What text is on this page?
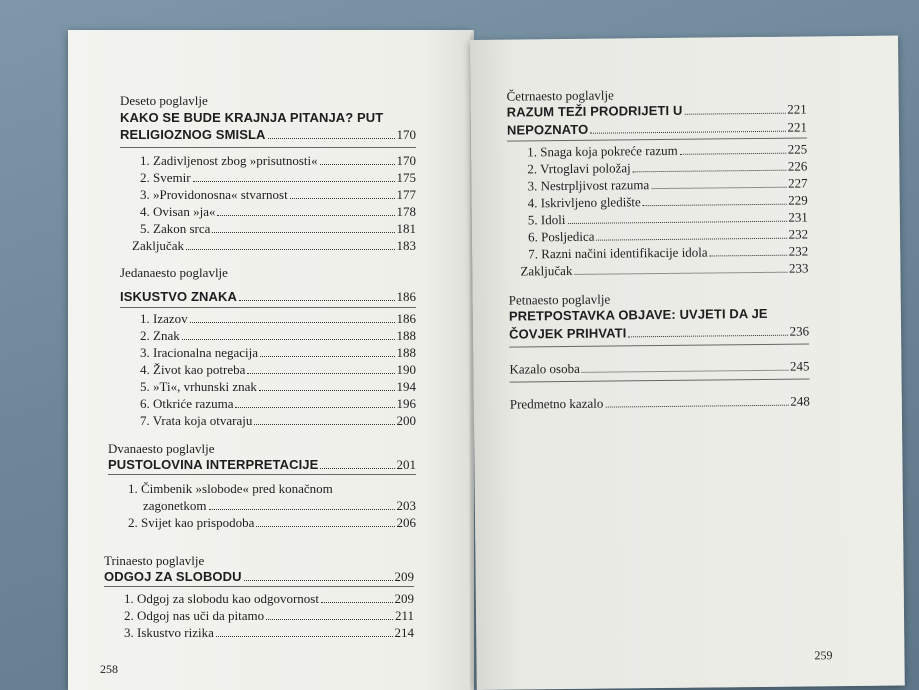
Deseto poglavlje
KAKO SE BUDE KRAJNJA PITANJA? PUT
RELIGIOZNOG SMISLA	170
1. Zadivljenost zbog »prisutnosti«	170
2. Svemir	175
3. »Providonosna« stvarnost	177
4. Ovisan »ja«	178
5. Zakon srca	181
Zaključak	183
Jedanaesto poglavlje
ISKUSTVO ZNAKA	186
1. Izazov	186
2. Znak	188
3. Iracionalna negacija	188
4. Život kao potreba	190
5. »Ti«, vrhunski znak	194
6. Otkriće razuma	196
7. Vrata koja otvaraju	200
Dvanaesto poglavlje
PUSTOLOVINA INTERPRETACIJE	201
1. Čimbenik »slobode« pred konačnom
zagonetkom	203
2. Svijet kao prispodoba	206
Trinaesto poglavlje
ODGOJ ZA SLOBODU	209
1. Odgoj za slobodu kao odgovornost	209
2. Odgoj nas uči da pitamo	211
3. Iskustvo rizika	214
258
Četrnaesto poglavlje
RAZUM TEŽI PRODRIJETI U	221
NEPOZNATO	221
1. Snaga koja pokreće razum	225
2. Vrtoglavi položaj	226
3. Nestrpljivost razuma	227
4. Iskrivljeno gledište	229
5. Idoli	231
6. Posljedica	232
7. Razni načini identifikacije idola	232
Zaključak	233
Petnaesto poglavlje
PRETPOSTAVKA OBJAVE: UVJETI DA JE
ČOVJEK PRIHVATI	236
Kazalo osoba	245
Predmetno kazalo	248
259
